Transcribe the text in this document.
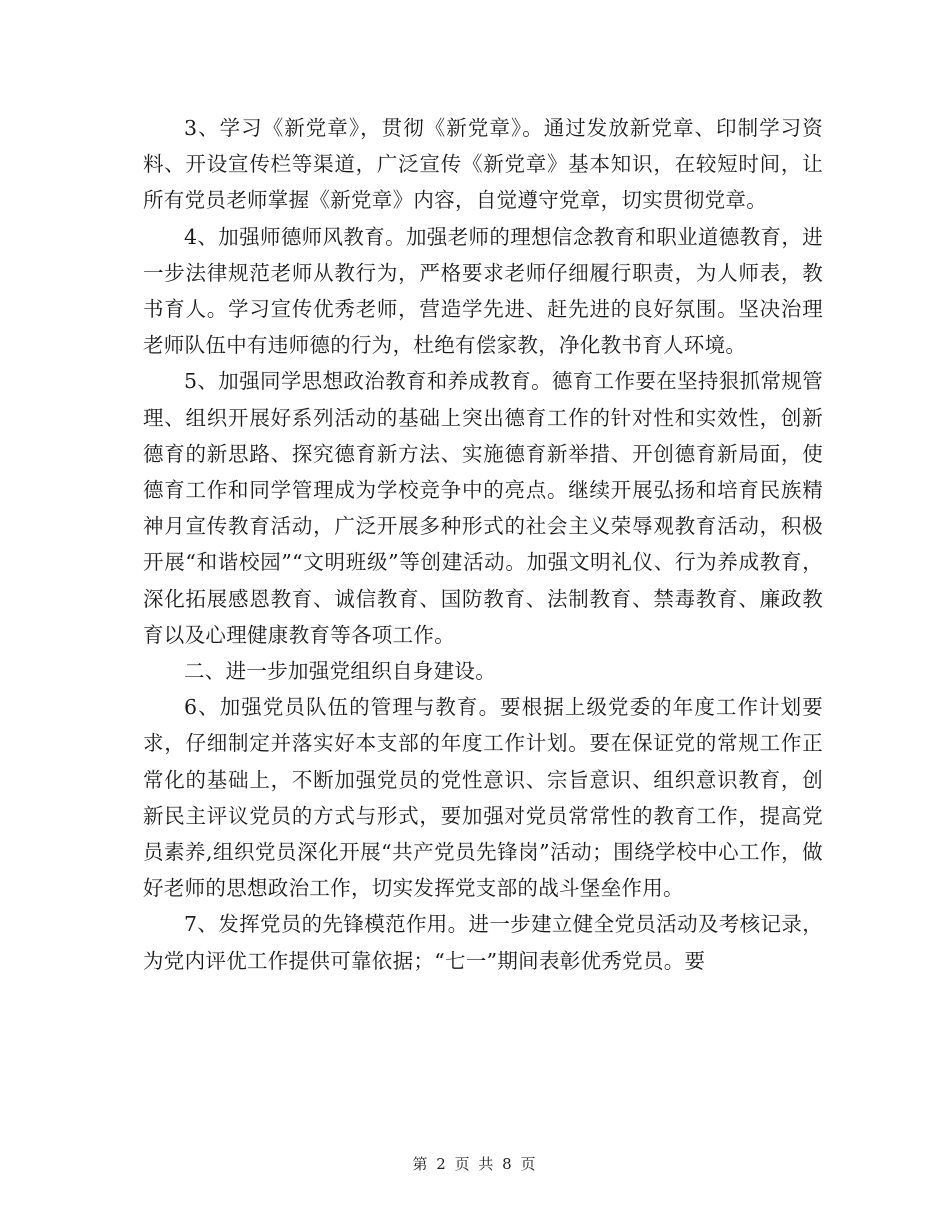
3、学习《新党章》，贯彻《新党章》。通过发放新党章、印制学习资料、开设宣传栏等渠道，广泛宣传《新党章》基本知识，在较短时间，让所有党员老师掌握《新党章》内容，自觉遵守党章，切实贯彻党章。

4、加强师德师风教育。加强老师的理想信念教育和职业道德教育，进一步法律规范老师从教行为，严格要求老师仔细履行职责，为人师表，教书育人。学习宣传优秀老师，营造学先进、赶先进的良好氛围。坚决治理老师队伍中有违师德的行为，杜绝有偿家教，净化教书育人环境。

5、加强同学思想政治教育和养成教育。德育工作要在坚持狠抓常规管理、组织开展好系列活动的基础上突出德育工作的针对性和实效性，创新德育的新思路、探究德育新方法、实施德育新举措、开创德育新局面，使德育工作和同学管理成为学校竞争中的亮点。继续开展弘扬和培育民族精神月宣传教育活动，广泛开展多种形式的社会主义荣辱观教育活动，积极开展“和谐校园”“文明班级”等创建活动。加强文明礼仪、行为养成教育，深化拓展感恩教育、诚信教育、国防教育、法制教育、禁毒教育、廉政教育以及心理健康教育等各项工作。

二、进一步加强党组织自身建设。

6、加强党员队伍的管理与教育。要根据上级党委的年度工作计划要求，仔细制定并落实好本支部的年度工作计划。要在保证党的常规工作正常化的基础上，不断加强党员的党性意识、宗旨意识、组织意识教育，创新民主评议党员的方式与形式，要加强对党员常常性的教育工作，提高党员素养,组织党员深化开展“共产党员先锋岗”活动；围绕学校中心工作，做好老师的思想政治工作，切实发挥党支部的战斗堡垒作用。

7、发挥党员的先锋模范作用。进一步建立健全党员活动及考核记录，为党内评优工作提供可靠依据；“七一”期间表彰优秀党员。要

第 2 页 共 8 页
